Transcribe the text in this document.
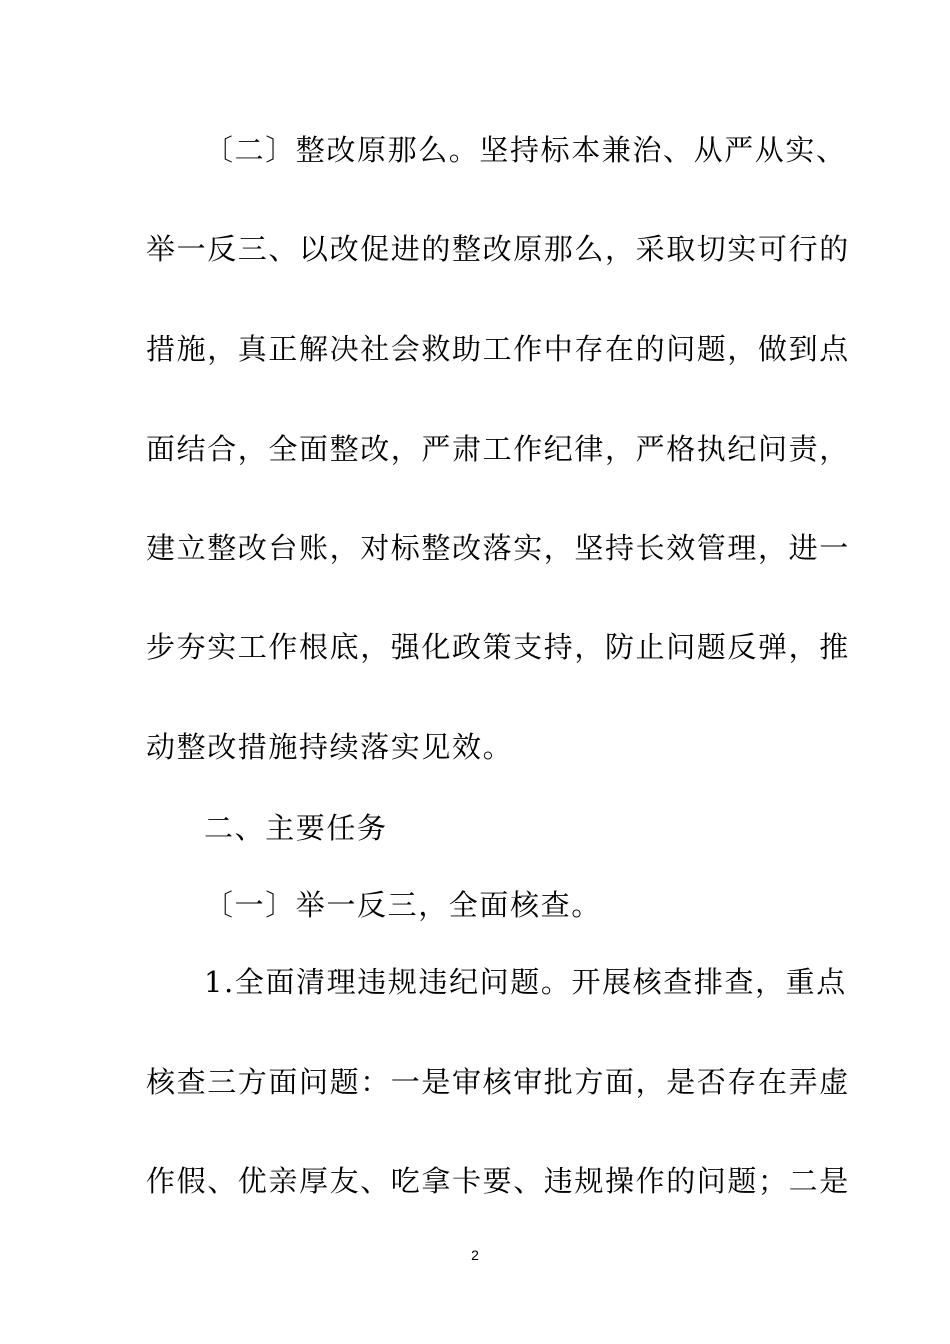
〔二〕整改原那么。坚持标本兼治、从严从实、
举一反三、以改促进的整改原那么，采取切实可行的
措施，真正解决社会救助工作中存在的问题，做到点
面结合，全面整改，严肃工作纪律，严格执纪问责，
建立整改台账，对标整改落实，坚持长效管理，进一
步夯实工作根底，强化政策支持，防止问题反弹，推
动整改措施持续落实见效。
二、主要任务
〔一〕举一反三，全面核查。
1.全面清理违规违纪问题。开展核查排查，重点
核查三方面问题：一是审核审批方面，是否存在弄虚
作假、优亲厚友、吃拿卡要、违规操作的问题；二是
2
